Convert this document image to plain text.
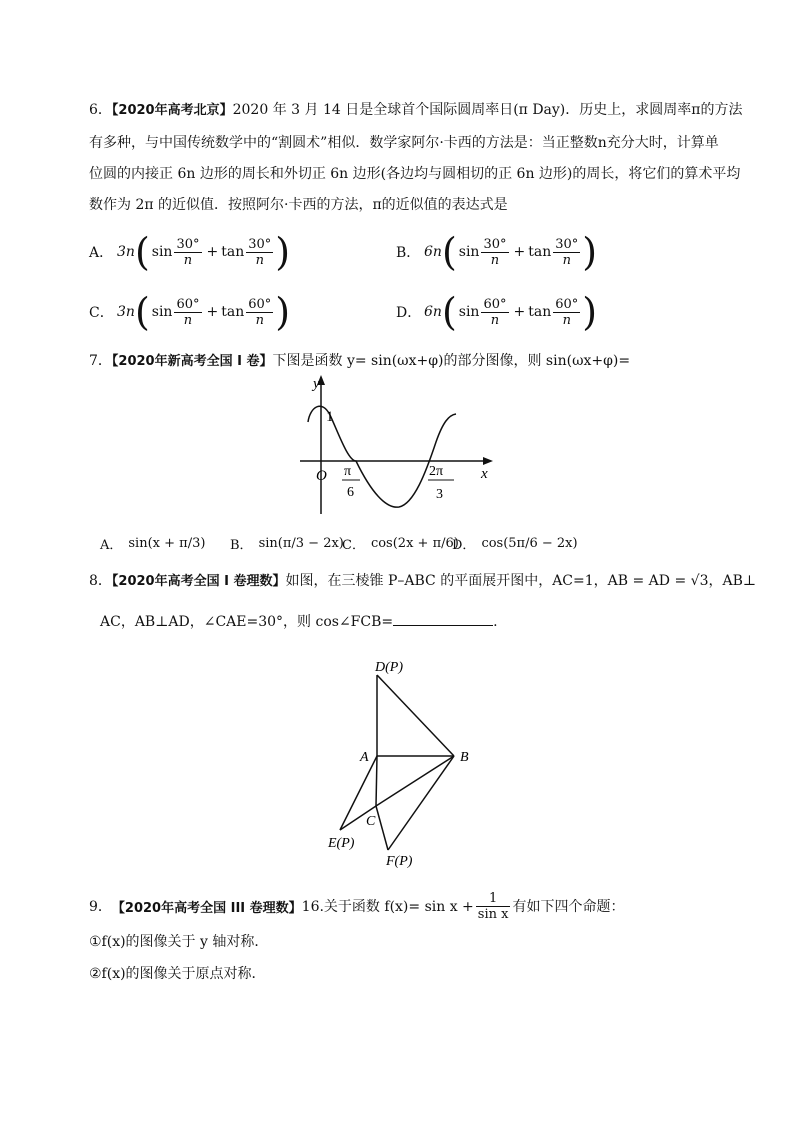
6．【2020年高考北京】2020 年 3 月 14 日是全球首个国际圆周率日(π Day)．历史上，求圆周率π的方法
有多种，与中国传统数学中的“割圆术”相似．数学家阿尔·卡西的方法是：当正整数n充分大时，计算单
位圆的内接正 6n 边形的周长和外切正 6n 边形(各边均与圆相切的正 6n 边形)的周长，将它们的算术平均
数作为 2π 的近似值．按照阿尔·卡西的方法，π的近似值的表达式是
A． 3n ( $\sin \frac{30^\circ}{n} + \tan \frac{30^\circ}{n}$ )	B． 6n ( $\sin \frac{30^\circ}{n} + \tan \frac{30^\circ}{n}$ )
C． 3n ( $\sin \frac{60^\circ}{n} + \tan \frac{60^\circ}{n}$ )	D． 6n ( $\sin \frac{60^\circ}{n} + \tan \frac{60^\circ}{n}$ )
7．【2020年新高考全国 I 卷】下图是函数 y= sin(ωx+φ)的部分图像，则 sin(ωx+φ)=
y
x
O
1
π
6
2π
3
A． sin(x + π/3) B． sin(π/3 − 2x)
C． cos(2x + π/6)
D． cos(5π/6 − 2x)
8．【2020年高考全国 I 卷理数】如图，在三棱锥 P–ABC 的平面展开图中，AC=1，AB = AD = √3，AB⊥
AC，AB⊥AD，∠CAE=30°，则 cos∠FCB=	.
D(P)
A	B
C
E(P)
F(P)
9． 【2020年高考全国 III 卷理数】 16.关于函数 $f(x)= \sin x + \frac{1}{\text{sin x}}$ 有如下四个命题：
①f(x)的图像关于 y 轴对称．
②f(x)的图像关于原点对称．
